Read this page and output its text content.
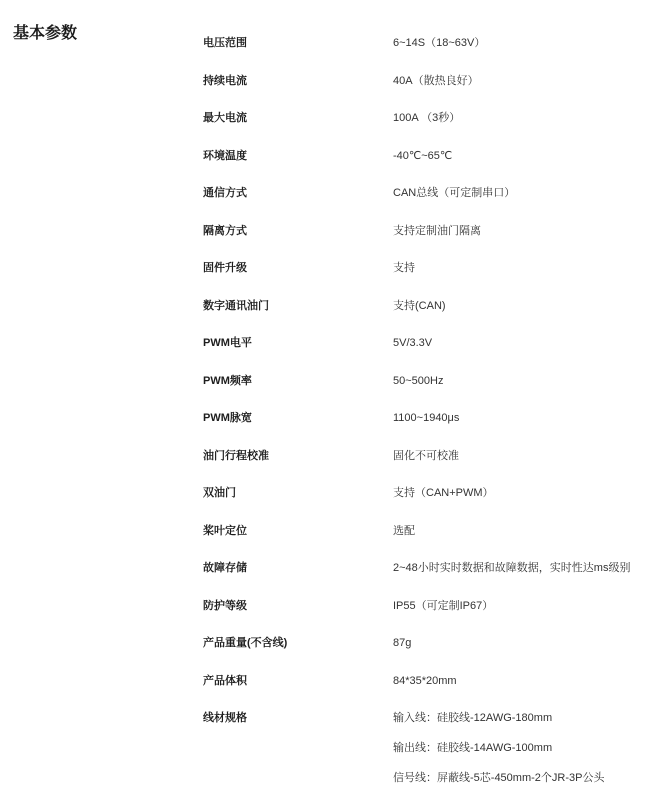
基本参数
电压范围	6~14S（18~63V）
持续电流	40A（散热良好）
最大电流	100A （3秒）
环境温度	-40℃~65℃
通信方式	CAN总线（可定制串口）
隔离方式	支持定制油门隔离
固件升级	支持
数字通讯油门	支持(CAN)
PWM电平	5V/3.3V
PWM频率	50~500Hz
PWM脉宽	1100~1940μs
油门行程校准	固化不可校准
双油门	支持（CAN+PWM）
桨叶定位	选配
故障存储	2~48小时实时数据和故障数据，实时性达ms级别
防护等级	IP55（可定制IP67）
产品重量(不含线)	87g
产品体积	84*35*20mm
线材规格	输入线：硅胶线-12AWG-180mm
输出线：硅胶线-14AWG-100mm
信号线：屏蔽线-5芯-450mm-2个JR-3P公头
